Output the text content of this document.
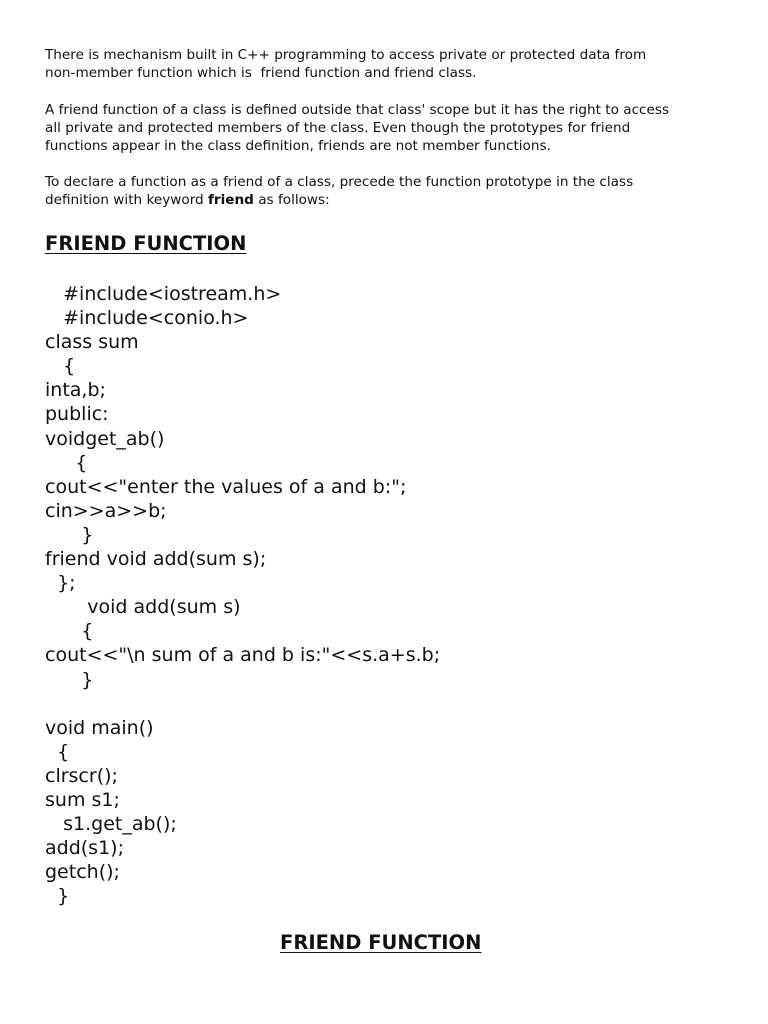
There is mechanism built in C++ programming to access private or protected data from
non-member function which is  friend function and friend class.

A friend function of a class is defined outside that class' scope but it has the right to access
all private and protected members of the class. Even though the prototypes for friend
functions appear in the class definition, friends are not member functions.

To declare a function as a friend of a class, precede the function prototype in the class
definition with keyword friend as follows:

FRIEND FUNCTION
#include<iostream.h>
#include<conio.h>
class sum
{
inta,b;
public:
voidget_ab()
{
cout<<"enter the values of a and b:";
cin>>a>>b;
}
friend void add(sum s);
};
void add(sum s)
{
cout<<"\n sum of a and b is:"<<s.a+s.b;
}
void main()
{
clrscr();
sum s1;
s1.get_ab();
add(s1);
getch();
}
FRIEND FUNCTION
